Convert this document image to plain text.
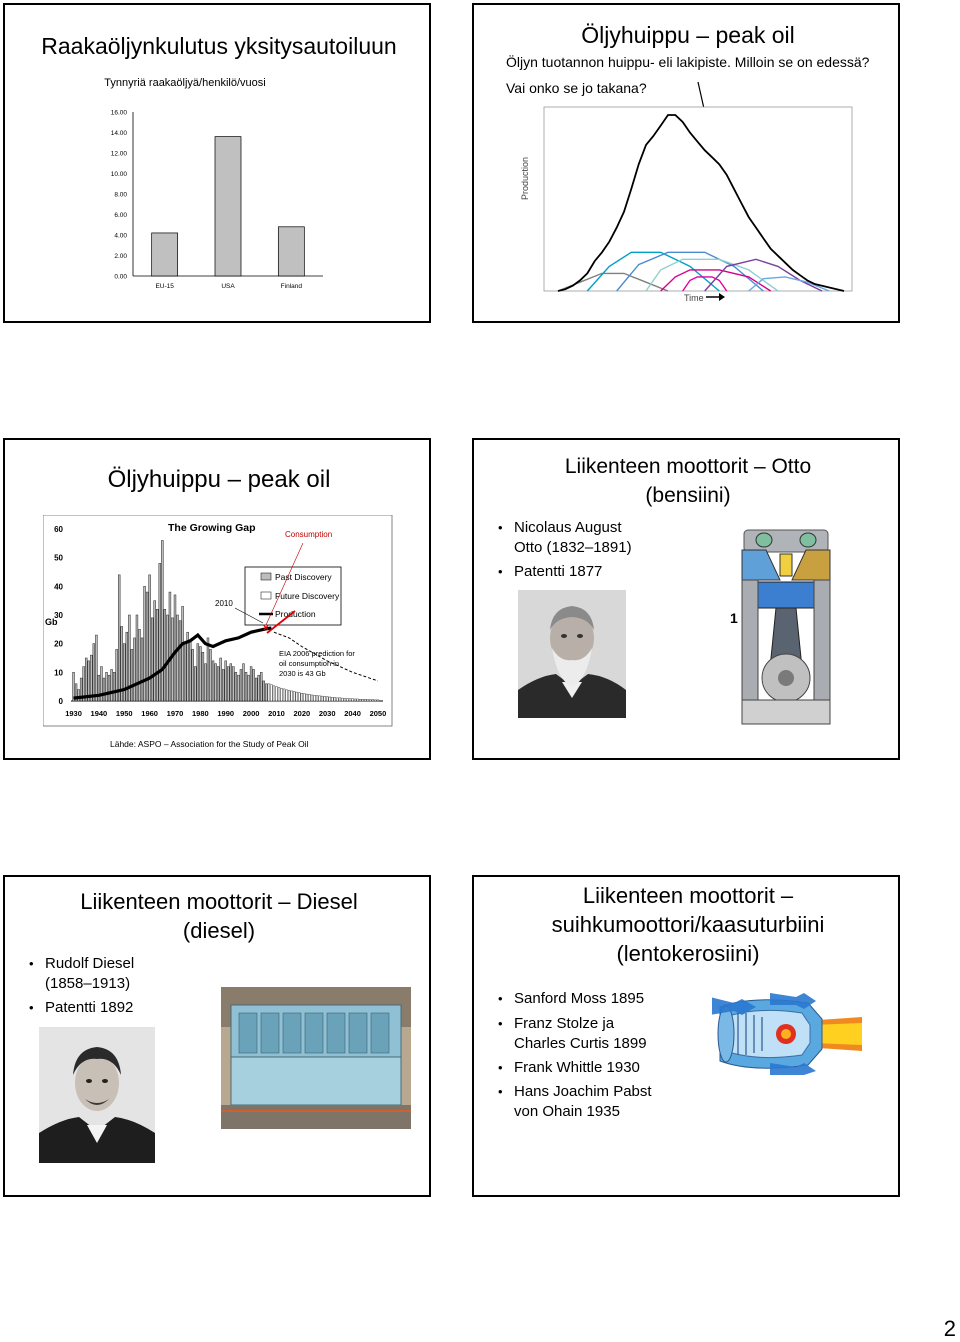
Raakaöljynkulutus yksitysautoiluun
Tynnyriä raakaöljyä/henkilö/vuosi
0.00
2.00
4.00
6.00
8.00
10.00
12.00
14.00
16.00
EU-15	USA	Finland
Öljyhuippu – peak oil
Öljyn tuotannon huippu- eli lakipiste. Milloin se on edessä?
Vai onko se jo takana?
Production
Time
Öljyhuippu – peak oil
0
10
20
30
40
50
60
Gb
1930 1940 1950 1960 1970 1980 1990 2000 2010 2020 2030 2040 2050
The Growing Gap
Consumption
Past Discovery
Future Discovery
Production
2010
×
EIA 2006 prediction for
oil consumption in
2030 is 43 Gb
Lähde: ASPO – Association for the Study of Peak Oil
Liikenteen moottorit – Otto
(bensiini)
• Nicolaus August
Otto (1832–1891)
• Patentti 1877
1
Liikenteen moottorit – Diesel
(diesel)
• Rudolf Diesel
(1858–1913)
• Patentti 1892
Liikenteen moottorit –
suihkumoottori/kaasuturbiini
(lentokerosiini)
• Sanford Moss 1895
• Franz Stolze ja
Charles Curtis 1899
• Frank Whittle 1930
• Hans Joachim Pabst
von Ohain 1935
2
